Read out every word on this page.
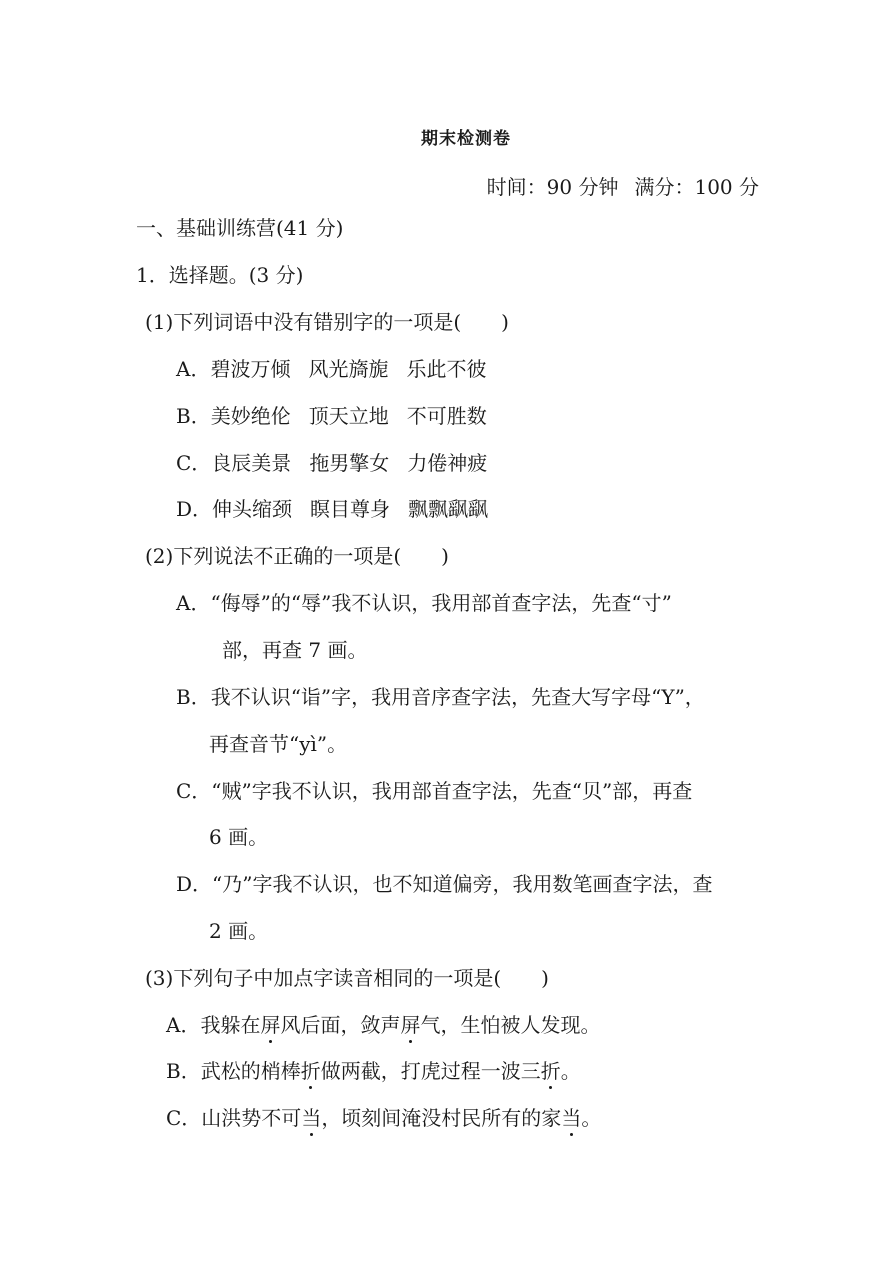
期末检测卷
时间：90 分钟 满分：100 分
一、基础训练营(41 分)
1．选择题。(3 分)
(1)下列词语中没有错别字的一项是(　　)
A．碧波万倾 风光旖旎 乐此不彼
B．美妙绝伦 顶天立地 不可胜数
C．良辰美景 拖男擎女 力倦神疲
D．伸头缩颈 瞑目尊身 飘飘飖飖
(2)下列说法不正确的一项是(　　)
A．“侮辱”的“辱”我不认识，我用部首查字法，先查“寸”
部，再查 7 画。
B．我不认识“诣”字，我用音序查字法，先查大写字母“Y”，
再查音节“yì”。
C．“贼”字我不认识，我用部首查字法，先查“贝”部，再查
6 画。
D．“乃”字我不认识，也不知道偏旁，我用数笔画查字法，查
2 画。
(3)下列句子中加点字读音相同的一项是(　　)
A．我躲在屏风后面，敛声屏气，生怕被人发现。
B．武松的梢棒折做两截，打虎过程一波三折。
C．山洪势不可当，顷刻间淹没村民所有的家当。
